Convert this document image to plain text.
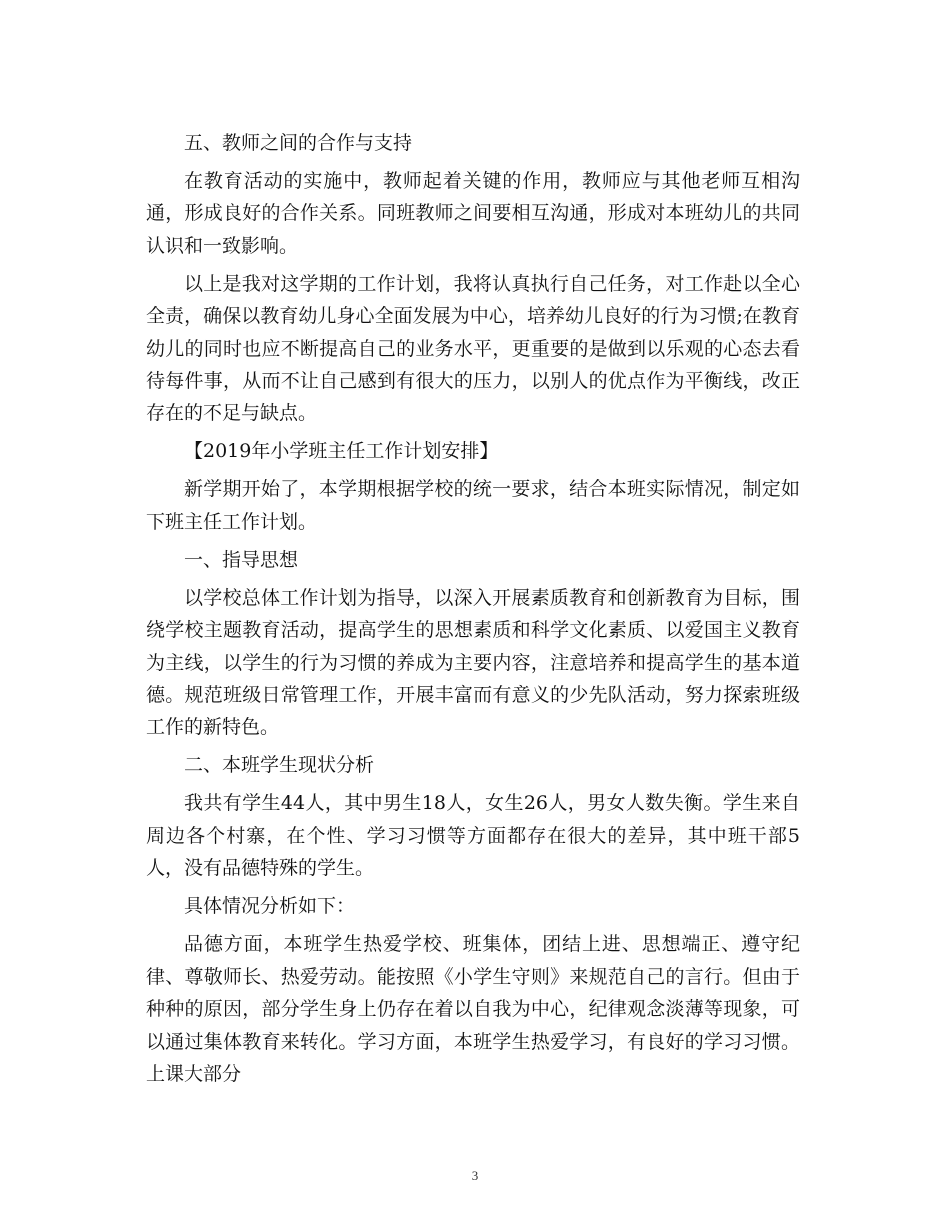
五、教师之间的合作与支持

在教育活动的实施中，教师起着关键的作用，教师应与其他老师互相沟通，形成良好的合作关系。同班教师之间要相互沟通，形成对本班幼儿的共同认识和一致影响。

以上是我对这学期的工作计划，我将认真执行自己任务，对工作赴以全心全责，确保以教育幼儿身心全面发展为中心，培养幼儿良好的行为习惯;在教育幼儿的同时也应不断提高自己的业务水平，更重要的是做到以乐观的心态去看待每件事，从而不让自己感到有很大的压力，以别人的优点作为平衡线，改正存在的不足与缺点。

【2019年小学班主任工作计划安排】

新学期开始了，本学期根据学校的统一要求，结合本班实际情况，制定如下班主任工作计划。

一、指导思想

以学校总体工作计划为指导，以深入开展素质教育和创新教育为目标，围绕学校主题教育活动，提高学生的思想素质和科学文化素质、以爱国主义教育为主线，以学生的行为习惯的养成为主要内容，注意培养和提高学生的基本道德。规范班级日常管理工作，开展丰富而有意义的少先队活动，努力探索班级工作的新特色。

二、本班学生现状分析

我共有学生44人，其中男生18人，女生26人，男女人数失衡。学生来自周边各个村寨，在个性、学习习惯等方面都存在很大的差异，其中班干部5人，没有品德特殊的学生。

具体情况分析如下：

品德方面，本班学生热爱学校、班集体，团结上进、思想端正、遵守纪律、尊敬师长、热爱劳动。能按照《小学生守则》来规范自己的言行。但由于种种的原因，部分学生身上仍存在着以自我为中心，纪律观念淡薄等现象，可以通过集体教育来转化。学习方面，本班学生热爱学习，有良好的学习习惯。上课大部分

3
